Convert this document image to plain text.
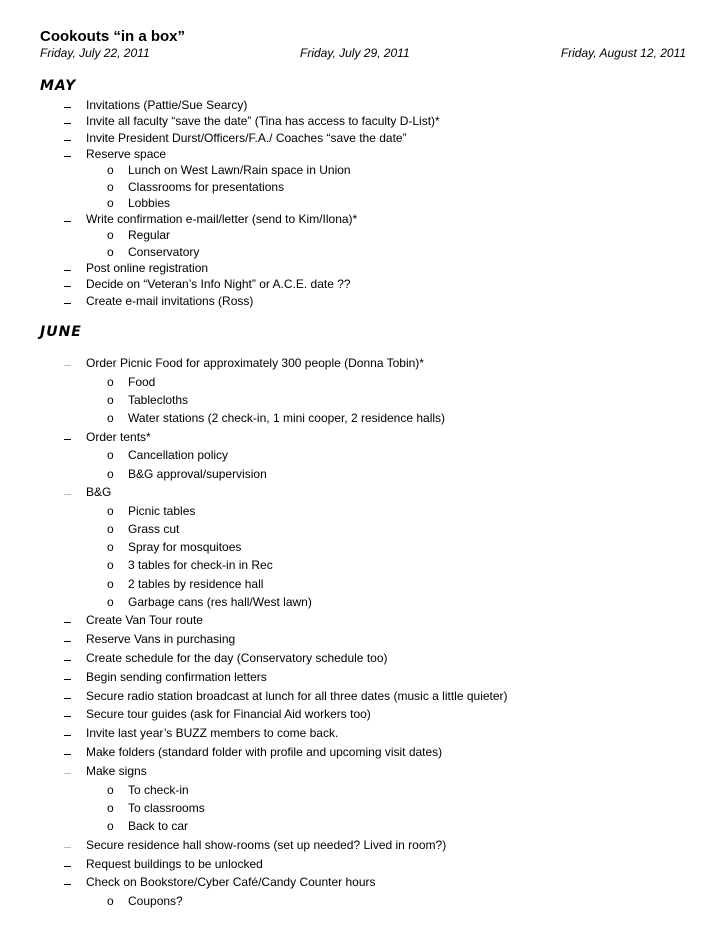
Cookouts “in a box”
Friday, July 22, 2011	Friday, July 29, 2011	Friday, August 12, 2011
MAY
Invitations (Pattie/Sue Searcy)
Invite all faculty “save the date” (Tina has access to faculty D-List)*
Invite President Durst/Officers/F.A./ Coaches “save the date”
Reserve space
o Lunch on West Lawn/Rain space in Union
o Classrooms for presentations
o Lobbies
Write confirmation e-mail/letter (send to Kim/Ilona)*
o Regular
o Conservatory
Post online registration
Decide on “Veteran’s Info Night” or A.C.E. date ??
Create e-mail invitations (Ross)
JUNE
Order Picnic Food for approximately 300 people (Donna Tobin)*
o Food
o Tablecloths
o Water stations (2 check-in, 1 mini cooper, 2 residence halls)
Order tents*
o Cancellation policy
o B&G approval/supervision
B&G
o Picnic tables
o Grass cut
o Spray for mosquitoes
o 3 tables for check-in in Rec
o 2 tables by residence hall
o Garbage cans (res hall/West lawn)
Create Van Tour route
Reserve Vans in purchasing
Create schedule for the day (Conservatory schedule too)
Begin sending confirmation letters
Secure radio station broadcast at lunch for all three dates (music a little quieter)
Secure tour guides (ask for Financial Aid workers too)
Invite last year’s BUZZ members to come back.
Make folders (standard folder with profile and upcoming visit dates)
Make signs
o To check-in
o To classrooms
o Back to car
Secure residence hall show-rooms (set up needed? Lived in room?)
Request buildings to be unlocked
Check on Bookstore/Cyber Café/Candy Counter hours
o Coupons?
